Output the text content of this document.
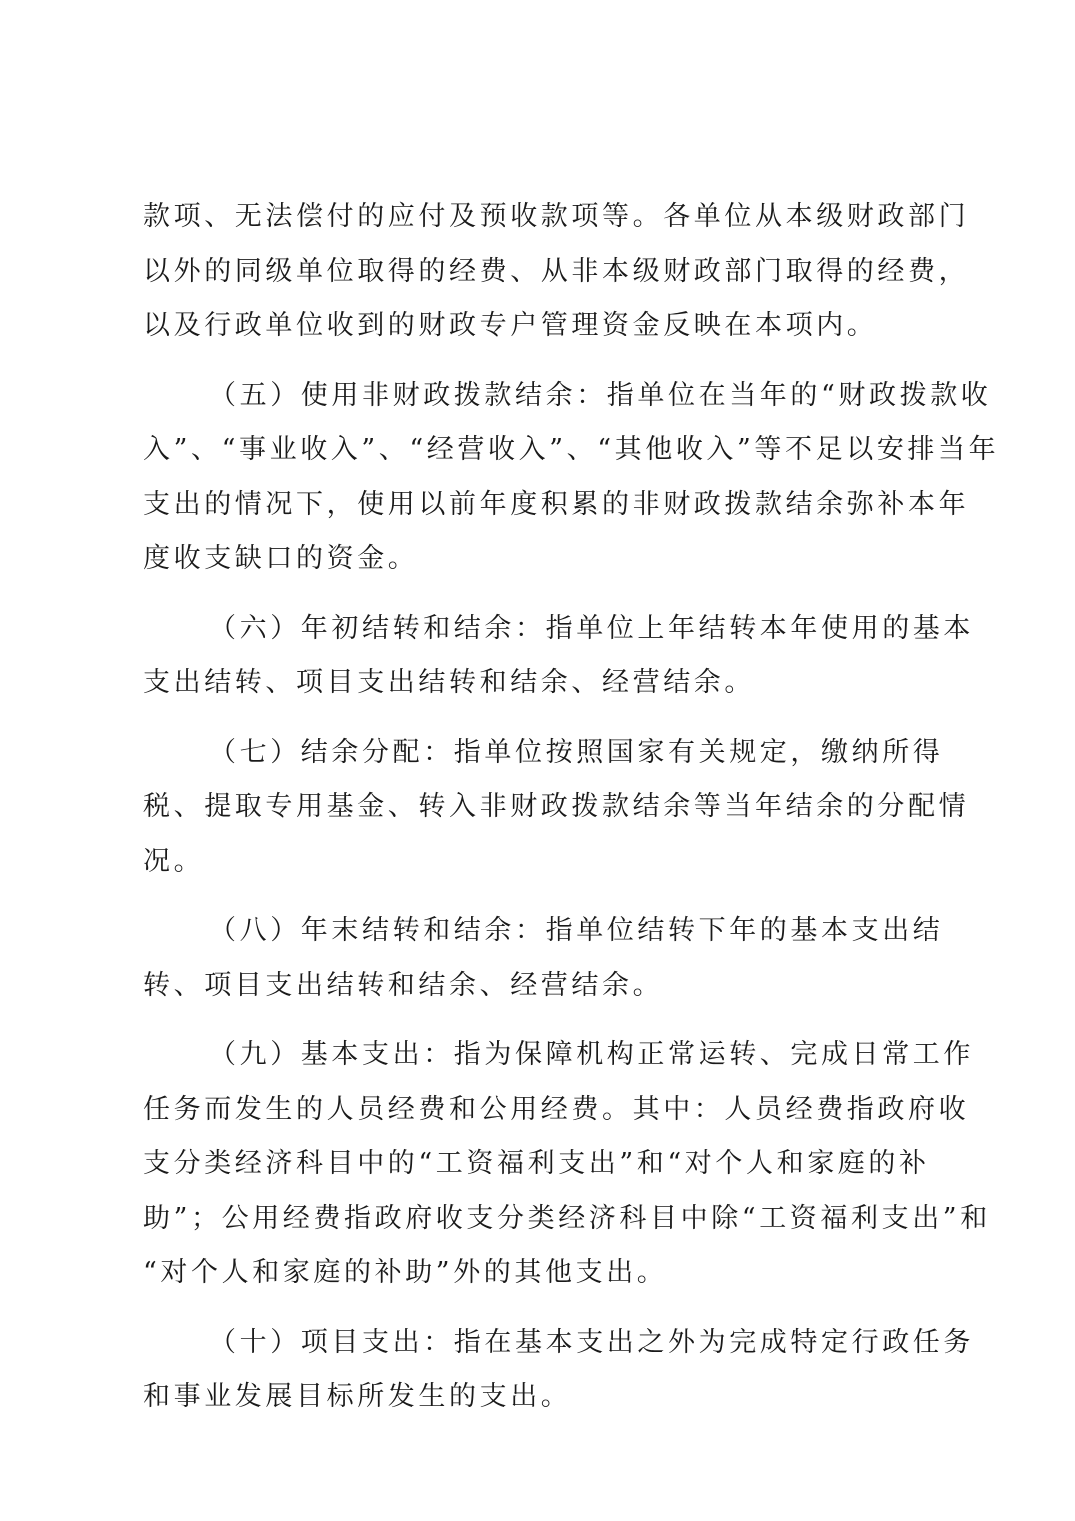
款项、无法偿付的应付及预收款项等。各单位从本级财政部门
以外的同级单位取得的经费、从非本级财政部门取得的经费，
以及行政单位收到的财政专户管理资金反映在本项内。
（五）使用非财政拨款结余：指单位在当年的“财政拨款收
入”、“事业收入”、“经营收入”、“其他收入”等不足以安排当年
支出的情况下，使用以前年度积累的非财政拨款结余弥补本年
度收支缺口的资金。
（六）年初结转和结余：指单位上年结转本年使用的基本
支出结转、项目支出结转和结余、经营结余。
（七）结余分配：指单位按照国家有关规定，缴纳所得
税、提取专用基金、转入非财政拨款结余等当年结余的分配情
况。
（八）年末结转和结余：指单位结转下年的基本支出结
转、项目支出结转和结余、经营结余。
（九）基本支出：指为保障机构正常运转、完成日常工作
任务而发生的人员经费和公用经费。其中：人员经费指政府收
支分类经济科目中的“工资福利支出”和“对个人和家庭的补
助”；公用经费指政府收支分类经济科目中除“工资福利支出”和
“对个人和家庭的补助”外的其他支出。
（十）项目支出：指在基本支出之外为完成特定行政任务
和事业发展目标所发生的支出。
